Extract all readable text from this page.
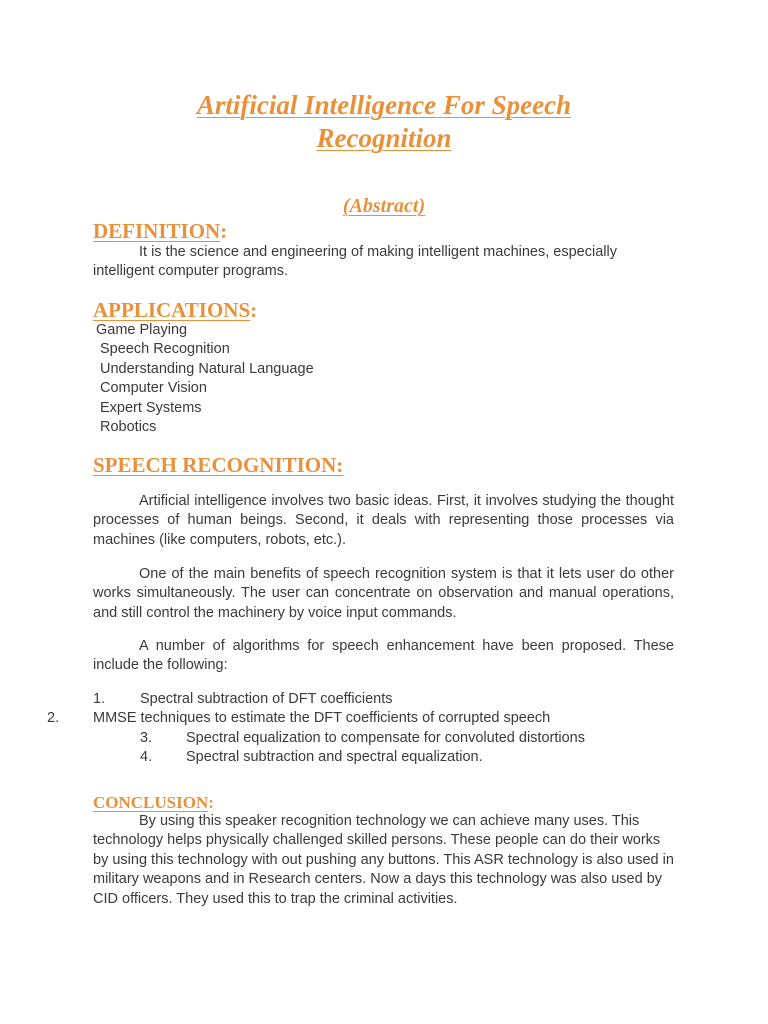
Artificial Intelligence For Speech

Recognition

(Abstract)

DEFINITION:

It is the science and engineering of making intelligent machines, especially intelligent computer programs.

APPLICATIONS:

Game Playing
Speech Recognition
Understanding Natural Language
Computer Vision
Expert Systems
Robotics

SPEECH RECOGNITION:

Artificial intelligence involves two basic ideas. First, it involves studying the thought processes of human beings. Second, it deals with representing those processes via machines (like computers, robots, etc.).

One of the main benefits of speech recognition system is that it lets user do other works simultaneously. The user can concentrate on observation and manual operations, and still control the machinery by voice input commands.

A number of algorithms for speech enhancement have been proposed. These include the following:

1. Spectral subtraction of DFT coefficients
2. MMSE techniques to estimate the DFT coefficients of corrupted speech
3. Spectral equalization to compensate for convoluted distortions
4. Spectral subtraction and spectral equalization.

CONCLUSION:

By using this speaker recognition technology we can achieve many uses. This technology helps physically challenged skilled persons. These people can do their works by using this technology with out pushing any buttons. This ASR technology is also used in military weapons and in Research centers. Now a days this technology was also used by CID officers. They used this to trap the criminal activities.
